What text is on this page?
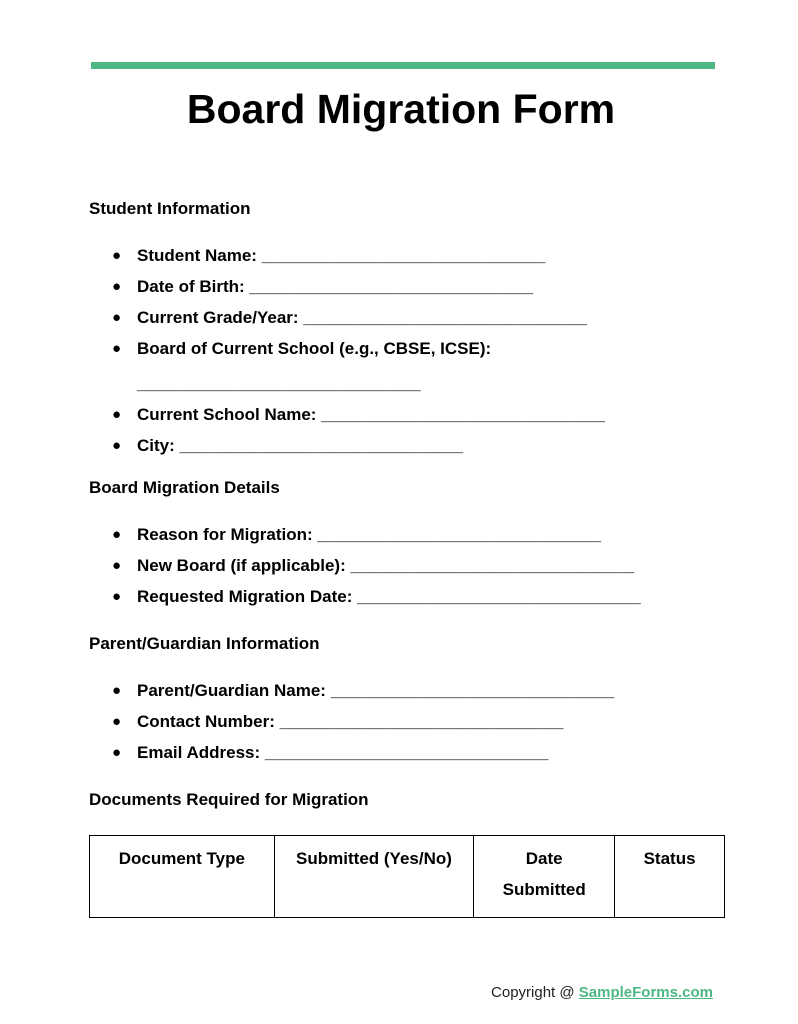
Board Migration Form
Student Information
● Student Name: ______________________________
● Date of Birth: ______________________________
● Current Grade/Year: ______________________________
● Board of Current School (e.g., CBSE, ICSE):
______________________________
● Current School Name: ______________________________
● City: ______________________________
Board Migration Details
● Reason for Migration: ______________________________
● New Board (if applicable): ______________________________
● Requested Migration Date: ______________________________
Parent/Guardian Information
● Parent/Guardian Name: ______________________________
● Contact Number: ______________________________
● Email Address: ______________________________
Documents Required for Migration
Document Type	Submitted (Yes/No)	Date Submitted	Status
Copyright @ SampleForms.com
